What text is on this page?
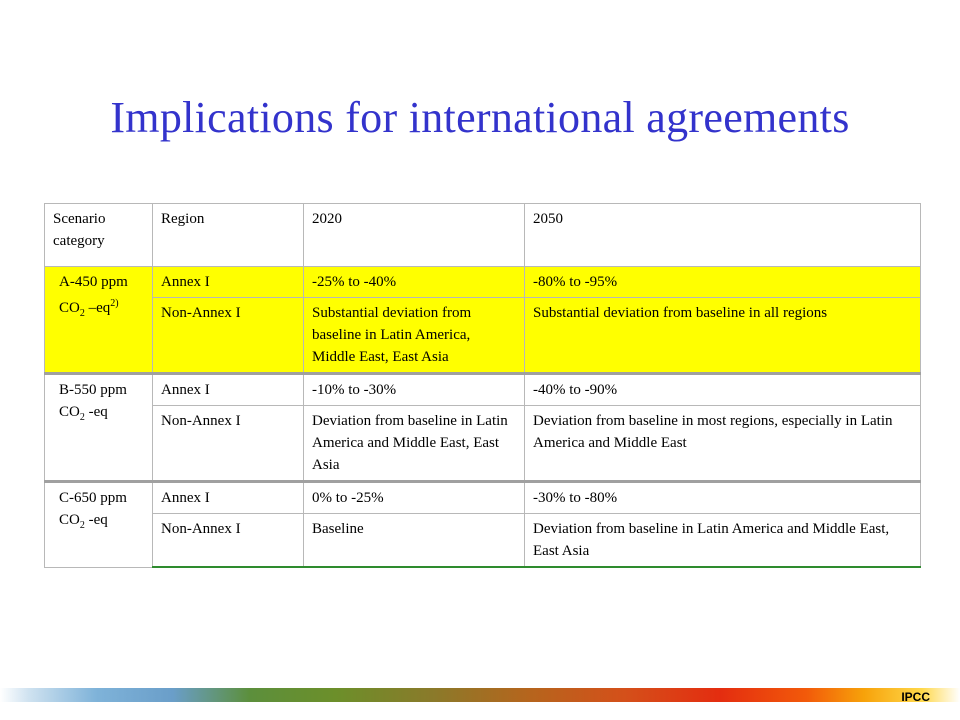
Implications for international agreements
Scenario category	Region	2020	2050
A-450 ppm $CO_2$ $-eq^{2)}$	Annex I	-25% to -40%	-80% to -95%
	Non-Annex I	Substantial deviation from baseline in Latin America, Middle East, East Asia	Substantial deviation from baseline in all regions
B-550 ppm $CO_2$ -eq	Annex I	-10% to -30%	-40% to -90%
	Non-Annex I	Deviation from baseline in Latin America and Middle East, East Asia	Deviation from baseline in most regions, especially in Latin America and Middle East
C-650 ppm $CO_2$ -eq	Annex I	0% to -25%	-30% to -80%
	Non-Annex I	Baseline	Deviation from baseline in Latin America and Middle East, East Asia
IPCC
